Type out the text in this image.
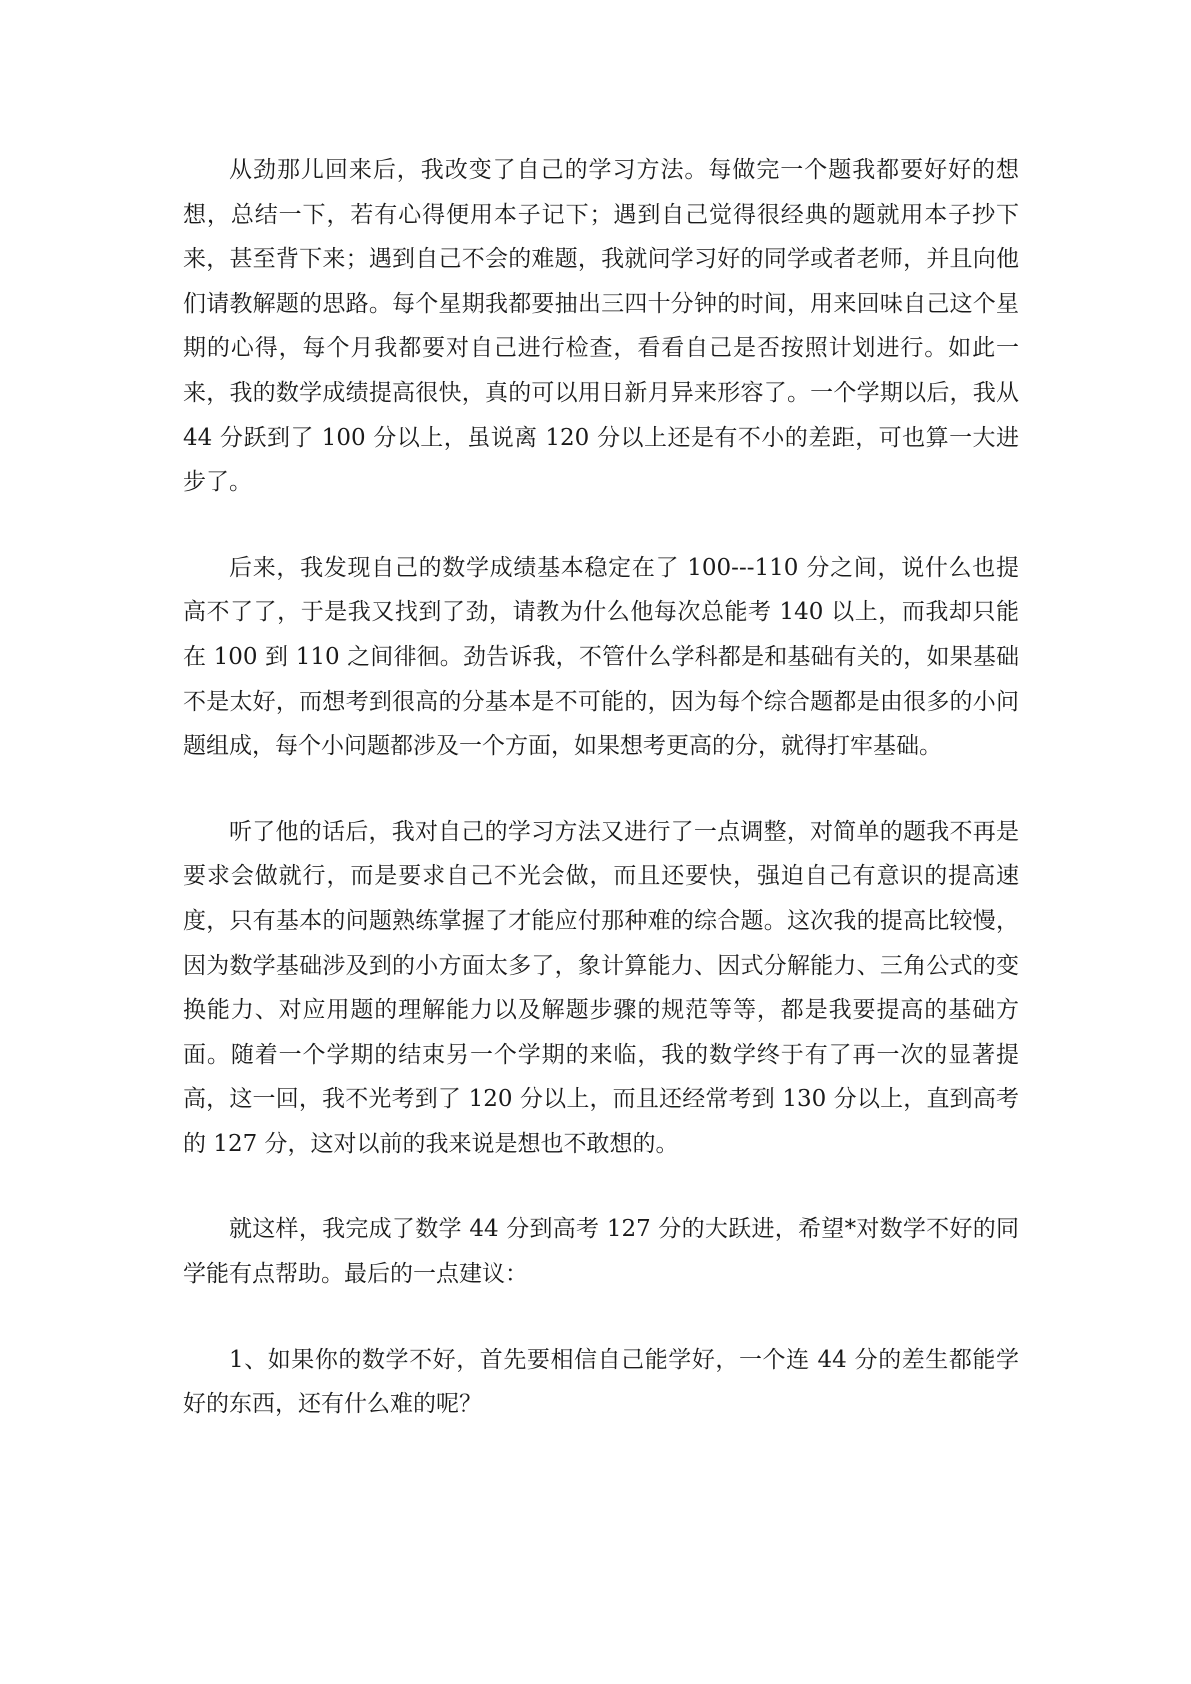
从劲那儿回来后，我改变了自己的学习方法。每做完一个题我都要好好的想想，总结一下，若有心得便用本子记下；遇到自己觉得很经典的题就用本子抄下来，甚至背下来；遇到自己不会的难题，我就问学习好的同学或者老师，并且向他们请教解题的思路。每个星期我都要抽出三四十分钟的时间，用来回味自己这个星期的心得，每个月我都要对自己进行检查，看看自己是否按照计划进行。如此一来，我的数学成绩提高很快，真的可以用日新月异来形容了。一个学期以后，我从 44 分跃到了 100 分以上，虽说离 120 分以上还是有不小的差距，可也算一大进步了。

后来，我发现自己的数学成绩基本稳定在了 100---110 分之间，说什么也提高不了了，于是我又找到了劲，请教为什么他每次总能考 140 以上，而我却只能在 100 到 110 之间徘徊。劲告诉我，不管什么学科都是和基础有关的，如果基础不是太好，而想考到很高的分基本是不可能的，因为每个综合题都是由很多的小问题组成，每个小问题都涉及一个方面，如果想考更高的分，就得打牢基础。

听了他的话后，我对自己的学习方法又进行了一点调整，对简单的题我不再是要求会做就行，而是要求自己不光会做，而且还要快，强迫自己有意识的提高速度，只有基本的问题熟练掌握了才能应付那种难的综合题。这次我的提高比较慢，因为数学基础涉及到的小方面太多了，象计算能力、因式分解能力、三角公式的变换能力、对应用题的理解能力以及解题步骤的规范等等，都是我要提高的基础方面。随着一个学期的结束另一个学期的来临，我的数学终于有了再一次的显著提高，这一回，我不光考到了 120 分以上，而且还经常考到 130 分以上，直到高考的 127 分，这对以前的我来说是想也不敢想的。

就这样，我完成了数学 44 分到高考 127 分的大跃进，希望*对数学不好的同学能有点帮助。最后的一点建议：

1、如果你的数学不好，首先要相信自己能学好，一个连 44 分的差生都能学好的东西，还有什么难的呢？
